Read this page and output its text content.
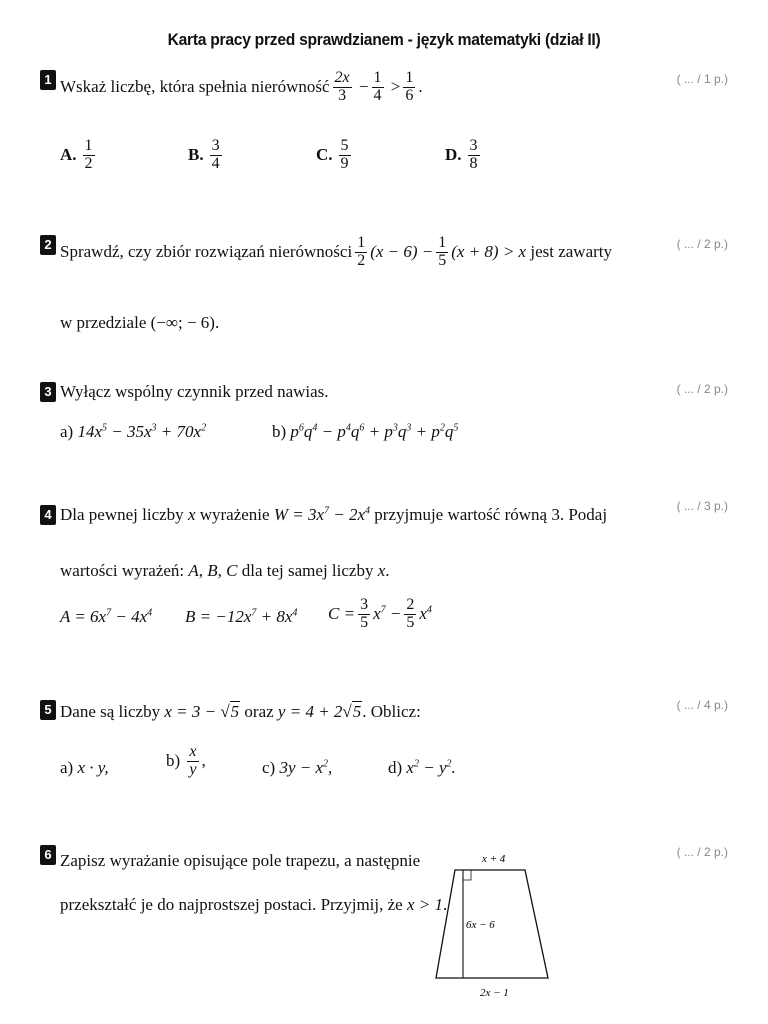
Karta pracy przed sprawdzianem - język matematyki (dział II)
1	( ... / 1 p.)
Wskaż liczbę, która spełnia nierówność $\frac{2x}{3} - \frac{1}{4} > \frac{1}{6}$ .
A. $\frac{1}{2}$	B. $\frac{3}{4}$	C. $\frac{5}{9}$	D. $\frac{3}{8}$
2	( ... / 2 p.)
Sprawdź, czy zbiór rozwiązań nierówności $\frac{1}{2} (x - 6) - \frac{1}{5} (x + 8) > x$
jest zawarty
w przedziale (−∞; − 6).
3	( ... / 2 p.)
Wyłącz wspólny czynnik przed nawias.
a)
$14x^5 - 35x^3 + 70x^2$	b)
$p^6q^4 - p^4q^6 + p^3q^3 + p^2q^5$
4
( ... / 3 p.)
Dla pewnej liczby
x
wyrażenie
$W = 3x^7 - 2x^4$
przyjmuje wartość równą 3. Podaj
wartości wyrażeń:
A , B , C
dla tej samej liczby
x .
$A = 6x^7 - 4x^4$ $B = -12x^7 + 8x^4$ $C = \frac{3}{5} x^7 - \frac{2}{5} x^4$
5	( ... / 4 p.)
Dane są liczby
x = 3 − √5
oraz
y = 4 + 2√5 . Oblicz:
a)
x · y,	b)
$\frac{x}{y}$ ,	c)
$3y - x^2$,	d)
$x^2 - y^2$.
6	( ... / 2 p.)
Zapisz wyrażanie opisujące pole trapezu, a następnie
przekształć je do najprostszej postaci. Przyjmij, że
x > 1 .
x + 4
6x − 6
2x − 1
